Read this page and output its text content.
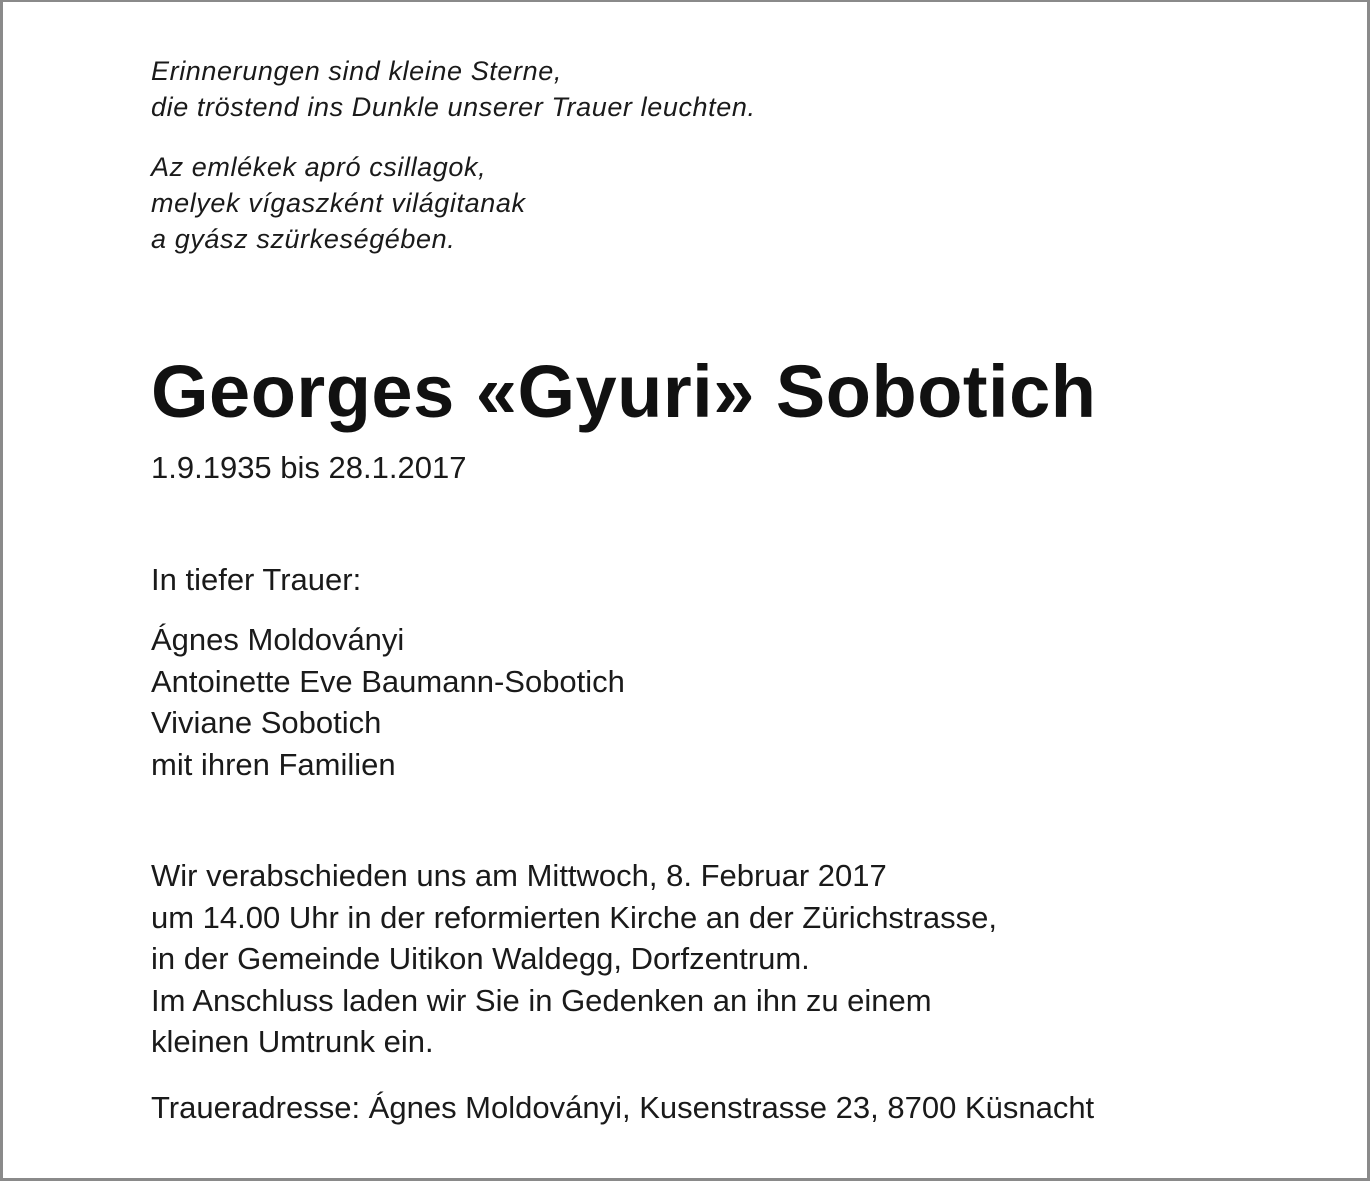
Erinnerungen sind kleine Sterne,
die tröstend ins Dunkle unserer Trauer leuchten.
Az emlékek apró csillagok,
melyek vígaszként világitanak
a gyász szürkeségében.
Georges «Gyuri» Sobotich
1.9.1935 bis 28.1.2017
In tiefer Trauer:
Ágnes Moldoványi
Antoinette Eve Baumann-Sobotich
Viviane Sobotich
mit ihren Familien
Wir verabschieden uns am Mittwoch, 8. Februar 2017
um 14.00 Uhr in der reformierten Kirche an der Zürichstrasse,
in der Gemeinde Uitikon Waldegg, Dorfzentrum.
Im Anschluss laden wir Sie in Gedenken an ihn zu einem
kleinen Umtrunk ein.
Traueradresse: Ágnes Moldoványi, Kusenstrasse 23, 8700 Küsnacht
